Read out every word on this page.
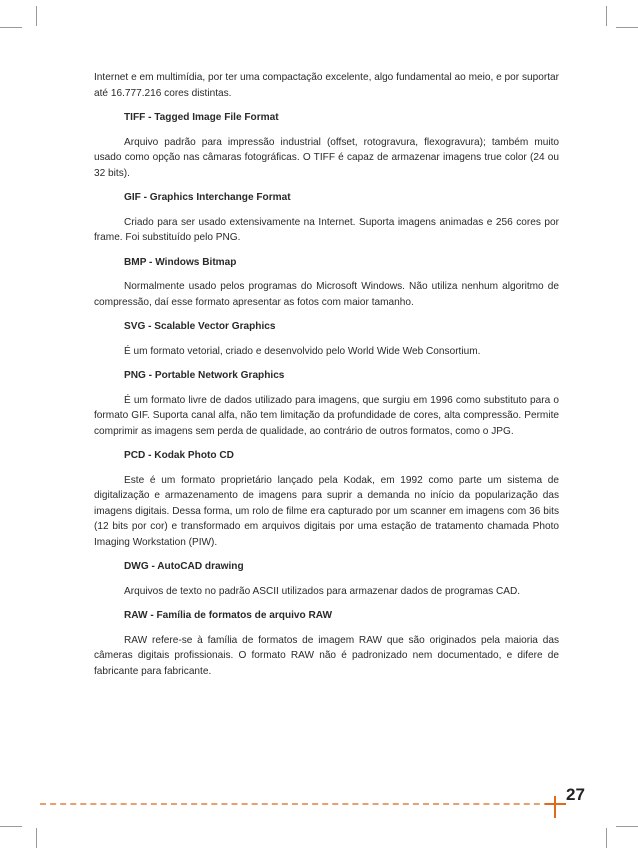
Internet e em multimídia, por ter uma compactação excelente, algo fundamental ao meio, e por suportar até 16.777.216 cores distintas.

TIFF - Tagged Image File Format

Arquivo padrão para impressão industrial (offset, rotogravura, flexogravura); também muito usado como opção nas câmaras fotográficas. O TIFF é capaz de armazenar imagens true color (24 ou 32 bits).

GIF - Graphics Interchange Format

Criado para ser usado extensivamente na Internet. Suporta imagens animadas e 256 cores por frame. Foi substituído pelo PNG.

BMP - Windows Bitmap

Normalmente usado pelos programas do Microsoft Windows. Não utiliza nenhum algoritmo de compressão, daí esse formato apresentar as fotos com maior tamanho.

SVG - Scalable Vector Graphics

É um formato vetorial, criado e desenvolvido pelo World Wide Web Consortium.

PNG - Portable Network Graphics

É um formato livre de dados utilizado para imagens, que surgiu em 1996 como substituto para o formato GIF. Suporta canal alfa, não tem limitação da profundidade de cores, alta compressão. Permite comprimir as imagens sem perda de qualidade, ao contrário de outros formatos, como o JPG.

PCD - Kodak Photo CD

Este é um formato proprietário lançado pela Kodak, em 1992 como parte um sistema de digitalização e armazenamento de imagens para suprir a demanda no início da popularização das imagens digitais. Dessa forma, um rolo de filme era capturado por um scanner em imagens com 36 bits (12 bits por cor) e transformado em arquivos digitais por uma estação de tratamento chamada Photo Imaging Workstation (PIW).

DWG - AutoCAD drawing

Arquivos de texto no padrão ASCII utilizados para armazenar dados de programas CAD.

RAW - Família de formatos de arquivo RAW

RAW refere-se à família de formatos de imagem RAW que são originados pela maioria das câmeras digitais profissionais. O formato RAW não é padronizado nem documentado, e difere de fabricante para fabricante.

27
